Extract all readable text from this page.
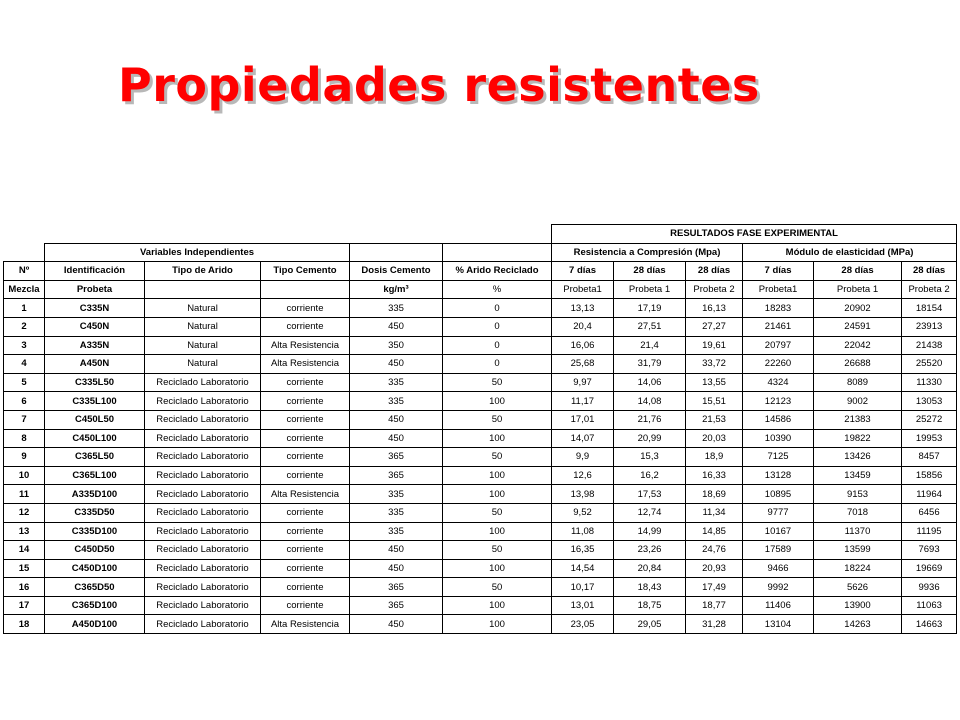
Propiedades resistentes
						RESULTADOS FASE EXPERIMENTAL					
	Variables Independientes					Resistencia a Compresión (Mpa)			Módulo de elasticidad (MPa)		
Nº	Identificación	Tipo de Arido	Tipo Cemento	Dosis Cemento	% Arido Reciclado	7 días	28 días	28 días	7 días	28 días	28 días
Mezcla	Probeta			kg/m³	%	Probeta1	Probeta 1	Probeta 2	Probeta1	Probeta 1	Probeta 2
1	C335N	Natural	corriente	335	0	13,13	17,19	16,13	18283	20902	18154
2	C450N	Natural	corriente	450	0	20,4	27,51	27,27	21461	24591	23913
3	A335N	Natural	Alta Resistencia	350	0	16,06	21,4	19,61	20797	22042	21438
4	A450N	Natural	Alta Resistencia	450	0	25,68	31,79	33,72	22260	26688	25520
5	C335L50	Reciclado Laboratorio	corriente	335	50	9,97	14,06	13,55	4324	8089	11330
6	C335L100	Reciclado Laboratorio	corriente	335	100	11,17	14,08	15,51	12123	9002	13053
7	C450L50	Reciclado Laboratorio	corriente	450	50	17,01	21,76	21,53	14586	21383	25272
8	C450L100	Reciclado Laboratorio	corriente	450	100	14,07	20,99	20,03	10390	19822	19953
9	C365L50	Reciclado Laboratorio	corriente	365	50	9,9	15,3	18,9	7125	13426	8457
10	C365L100	Reciclado Laboratorio	corriente	365	100	12,6	16,2	16,33	13128	13459	15856
11	A335D100	Reciclado Laboratorio	Alta Resistencia	335	100	13,98	17,53	18,69	10895	9153	11964
12	C335D50	Reciclado Laboratorio	corriente	335	50	9,52	12,74	11,34	9777	7018	6456
13	C335D100	Reciclado Laboratorio	corriente	335	100	11,08	14,99	14,85	10167	11370	11195
14	C450D50	Reciclado Laboratorio	corriente	450	50	16,35	23,26	24,76	17589	13599	7693
15	C450D100	Reciclado Laboratorio	corriente	450	100	14,54	20,84	20,93	9466	18224	19669
16	C365D50	Reciclado Laboratorio	corriente	365	50	10,17	18,43	17,49	9992	5626	9936
17	C365D100	Reciclado Laboratorio	corriente	365	100	13,01	18,75	18,77	11406	13900	11063
18	A450D100	Reciclado Laboratorio	Alta Resistencia	450	100	23,05	29,05	31,28	13104	14263	14663
